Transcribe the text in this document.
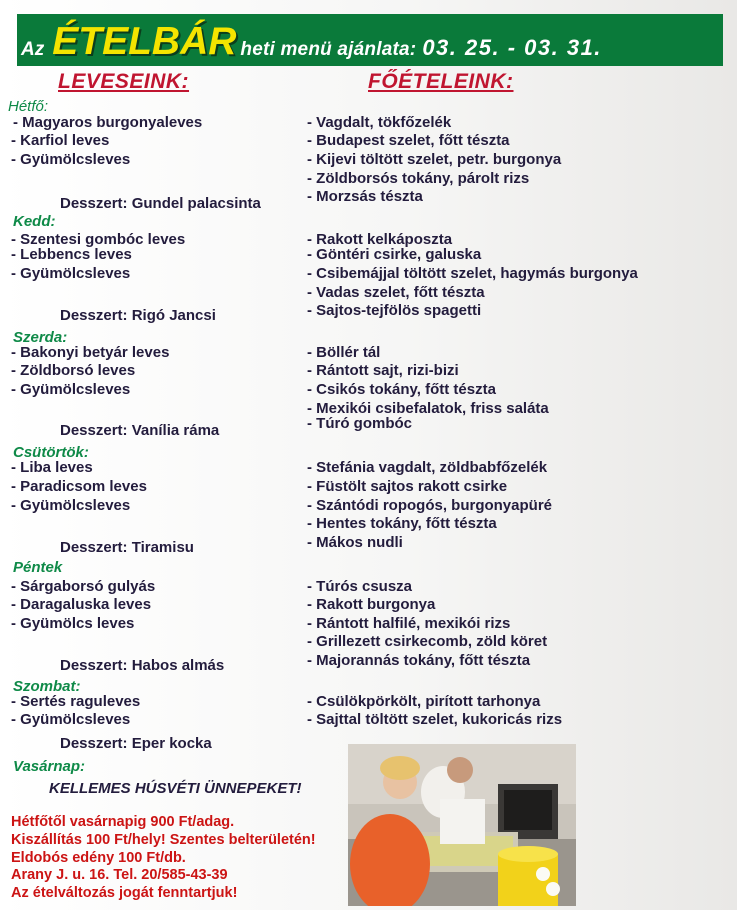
Az ÉTELBÁR heti menü ajánlata: 03. 25. - 03. 31.
LEVESEINK:	FŐÉTELEINK:
Hétfő:
- Magyaros burgonyaleves
- Karfiol leves
- Gyümölcsleves
Desszert: Gundel palacsinta
- Vagdalt, tökfőzelék
- Budapest szelet, főtt tészta
- Kijevi töltött szelet, petr. burgonya
- Zöldborsós tokány, párolt rizs
- Morzsás tészta
Kedd:
- Szentesi gombóc leves
- Lebbencs leves
- Gyümölcsleves
Desszert: Rigó Jancsi
- Rakott kelkáposzta
- Göntéri csirke, galuska
- Csibemájjal töltött szelet, hagymás burgonya
- Vadas szelet, főtt tészta
- Sajtos-tejfölös spagetti
Szerda:
- Bakonyi betyár leves
- Zöldborsó leves
- Gyümölcsleves
Desszert: Vanília ráma
- Böllér tál
- Rántott sajt, rizi-bizi
- Csikós tokány, főtt tészta
- Mexikói csibefalatok, friss saláta
- Túró gombóc
Csütörtök:
- Liba leves
- Paradicsom leves
- Gyümölcsleves
Desszert: Tiramisu
- Stefánia vagdalt, zöldbabfőzelék
- Füstölt sajtos rakott csirke
- Szántódi ropogós, burgonyapüré
- Hentes tokány, főtt tészta
- Mákos nudli
Péntek
- Sárgaborsó gulyás
- Daragaluska leves
- Gyümölcs leves
Desszert: Habos almás
- Túrós csusza
- Rakott burgonya
- Rántott halfilé, mexikói rizs
- Grillezett csirkecomb, zöld köret
- Majorannás tokány, főtt tészta
Szombat:
- Sertés raguleves
- Gyümölcsleves
Desszert: Eper kocka
- Csülökpörkölt, pirított tarhonya
- Sajttal töltött szelet, kukoricás rizs
Vasárnap:
KELLEMES HÚSVÉTI ÜNNEPEKET!
Hétfőtől vasárnapig 900 Ft/adag.
Kiszállítás 100 Ft/hely! Szentes belterületén!
Eldobós edény 100 Ft/db.
Arany J. u. 16. Tel. 20/585-43-39
Az ételváltozás jogát fenntartjuk!
